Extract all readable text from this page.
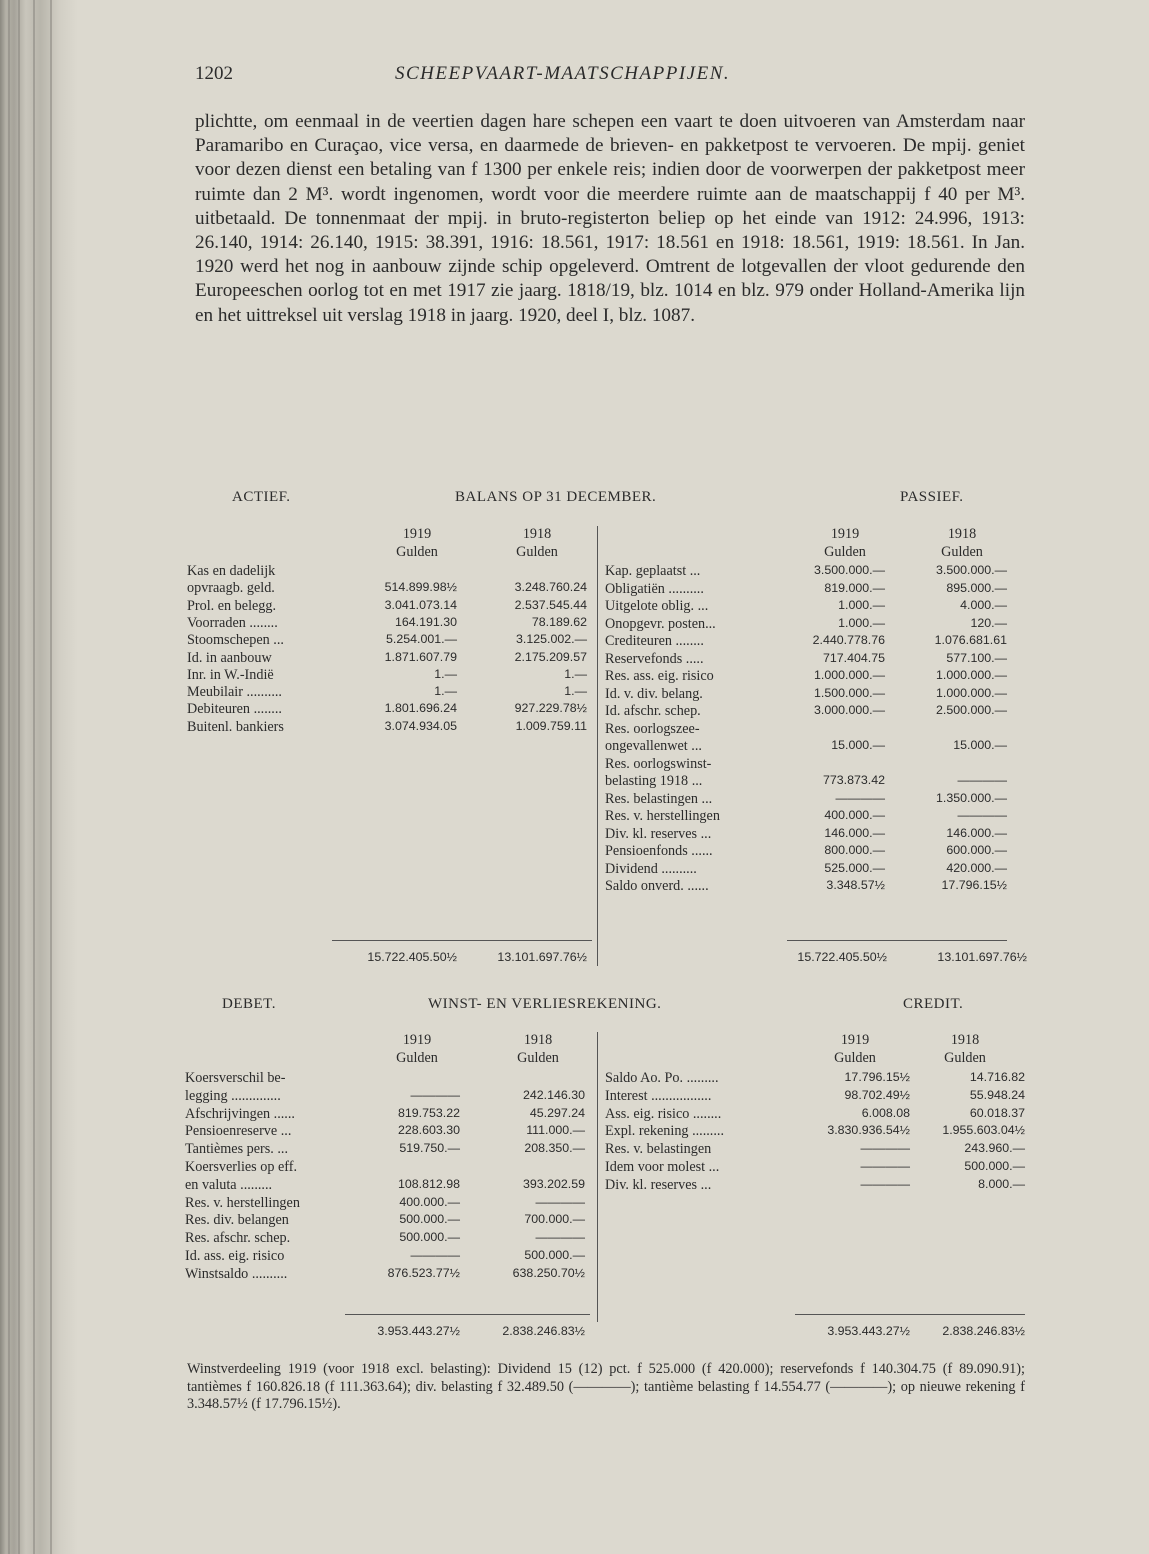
1202	SCHEEPVAART-MAATSCHAPPIJEN.

plichtte, om eenmaal in de veertien dagen hare schepen een vaart te doen uitvoeren van Amsterdam naar Paramaribo en Curaçao, vice versa, en daarmede de brieven- en pakketpost te vervoeren. De mpij. geniet voor dezen dienst een betaling van f 1300 per enkele reis; indien door de voorwerpen der pakketpost meer ruimte dan 2 M³. wordt ingenomen, wordt voor die meerdere ruimte aan de maatschappij f 40 per M³. uitbetaald. De tonnenmaat der mpij. in bruto-registerton beliep op het einde van 1912: 24.996, 1913: 26.140, 1914: 26.140, 1915: 38.391, 1916: 18.561, 1917: 18.561 en 1918: 18.561, 1919: 18.561. In Jan. 1920 werd het nog in aanbouw zijnde schip opgeleverd. Omtrent de lotgevallen der vloot gedurende den Europeeschen oorlog tot en met 1917 zie jaarg. 1818/19, blz. 1014 en blz. 979 onder Holland-Amerika lijn en het uittreksel uit verslag 1918 in jaarg. 1920, deel I, blz. 1087.

ACTIEF.	BALANS OP 31 DECEMBER.	PASSIEF.
1919	1918
Gulden	Gulden
1919	1918
Gulden	Gulden
Kas en dadelijk
opvraagb. geld.	514.899.98½	3.248.760.24
Prol. en belegg.	3.041.073.14	2.537.545.44
Voorraden ........	164.191.30	78.189.62
Stoomschepen ...	5.254.001.—	3.125.002.—
Id. in aanbouw	1.871.607.79	2.175.209.57
Inr. in W.-Indië	1.—	1.—
Meubilair ..........	1.—	1.—
Debiteuren ........	1.801.696.24	927.229.78½
Buitenl. bankiers	3.074.934.05	1.009.759.11
Kap. geplaatst ...	3.500.000.—	3.500.000.—
Obligatiën ..........	819.000.—	895.000.—
Uitgelote oblig. ...	1.000.—	4.000.—
Onopgevr. posten...	1.000.—	120.—
Crediteuren ........	2.440.778.76	1.076.681.61
Reservefonds .....	717.404.75	577.100.—
Res. ass. eig. risico	1.000.000.—	1.000.000.—
Id. v. div. belang.	1.500.000.—	1.000.000.—
Id. afschr. schep.	3.000.000.—	2.500.000.—
Res. oorlogszee-
ongevallenwet ...	15.000.—	15.000.—
Res. oorlogswinst-
belasting 1918 ...	773.873.42	————
Res. belastingen ...	————	1.350.000.—
Res. v. herstellingen	400.000.—	————
Div. kl. reserves ...	146.000.—	146.000.—
Pensioenfonds ......	800.000.—	600.000.—
Dividend ..........	525.000.—	420.000.—
Saldo onverd. ......	3.348.57½	17.796.15½
15.722.405.50½	13.101.697.76½	15.722.405.50½	13.101.697.76½
DEBET.	WINST- EN VERLIESREKENING.	CREDIT.
1919	1918
Gulden	Gulden
1919	1918
Gulden	Gulden
Koersverschil be-
legging ..............	————	242.146.30
Afschrijvingen ......	819.753.22	45.297.24
Pensioenreserve ...	228.603.30	111.000.—
Tantièmes pers. ...	519.750.—	208.350.—
Koersverlies op eff.
en valuta .........	108.812.98	393.202.59
Res. v. herstellingen	400.000.—	————
Res. div. belangen	500.000.—	700.000.—
Res. afschr. schep.	500.000.—	————
Id. ass. eig. risico	————	500.000.—
Winstsaldo ..........	876.523.77½	638.250.70½
Saldo Ao. Po. .........	17.796.15½	14.716.82
Interest .................	98.702.49½	55.948.24
Ass. eig. risico ........	6.008.08	60.018.37
Expl. rekening .........	3.830.936.54½	1.955.603.04½
Res. v. belastingen	————	243.960.—
Idem voor molest ...	————	500.000.—
Div. kl. reserves ...	————	8.000.—
3.953.443.27½	2.838.246.83½	3.953.443.27½	2.838.246.83½

Winstverdeeling 1919 (voor 1918 excl. belasting): Dividend 15 (12) pct. f 525.000 (f 420.000); reservefonds f 140.304.75 (f 89.090.91); tantièmes f 160.826.18 (f 111.363.64); div. belasting f 32.489.50 (————); tantième belasting f 14.554.77 (————); op nieuwe rekening f 3.348.57½ (f 17.796.15½).
